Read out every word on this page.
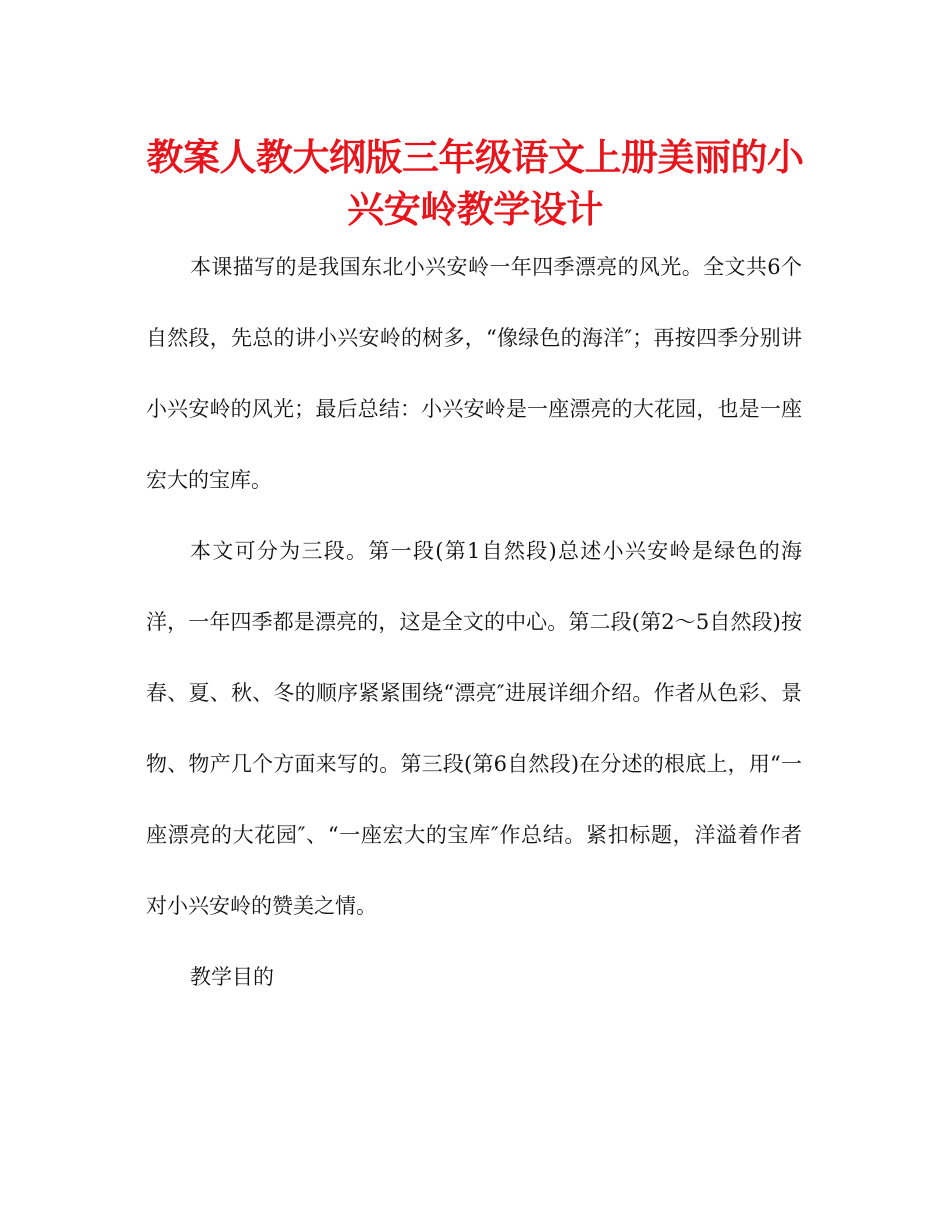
教案人教大纲版三年级语文上册美丽的小兴安岭教学设计

本课描写的是我国东北小兴安岭一年四季漂亮的风光。全文共6个自然段，先总的讲小兴安岭的树多，“像绿色的海洋″；再按四季分别讲小兴安岭的风光；最后总结：小兴安岭是一座漂亮的大花园，也是一座宏大的宝库。

本文可分为三段。第一段(第1自然段)总述小兴安岭是绿色的海洋，一年四季都是漂亮的，这是全文的中心。第二段(第2～5自然段)按春、夏、秋、冬的顺序紧紧围绕“漂亮″进展详细介绍。作者从色彩、景物、物产几个方面来写的。第三段(第6自然段)在分述的根底上，用“一座漂亮的大花园″、“一座宏大的宝库″作总结。紧扣标题，洋溢着作者对小兴安岭的赞美之情。

教学目的
